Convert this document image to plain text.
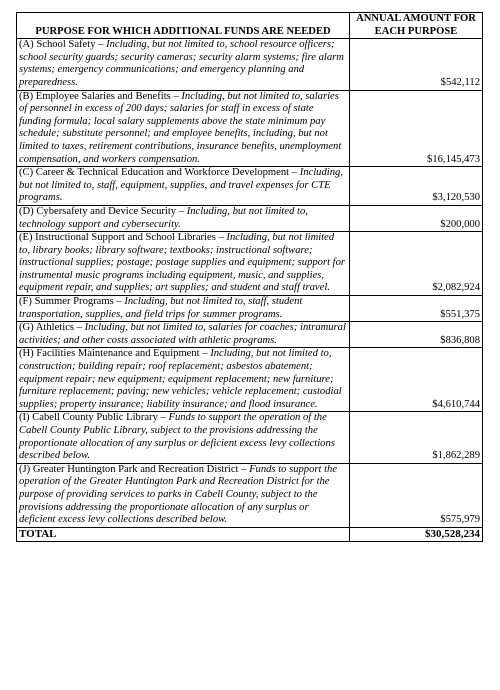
PURPOSE FOR WHICH ADDITIONAL FUNDS ARE NEEDED	ANNUAL AMOUNT FOR EACH PURPOSE
(A) School Safety – Including, but not limited to, school resource officers; school security guards; security cameras; security alarm systems; fire alarm systems; emergency communications; and emergency planning and preparedness.	$542,112
(B) Employee Salaries and Benefits – Including, but not limited to, salaries of personnel in excess of 200 days; salaries for staff in excess of state funding formula; local salary supplements above the state minimum pay schedule; substitute personnel; and employee benefits, including, but not limited to taxes, retirement contributions, insurance benefits, unemployment compensation, and workers compensation.	$16,145,473
(C) Career & Technical Education and Workforce Development – Including, but not limited to, staff, equipment, supplies, and travel expenses for CTE programs.	$3,120,530
(D) Cybersafety and Device Security – Including, but not limited to, technology support and cybersecurity.	$200,000
(E) Instructional Support and School Libraries – Including, but not limited to, library books; library software; textbooks; instructional software; instructional supplies; postage; postage supplies and equipment; support for instrumental music programs including equipment, music, and supplies, equipment repair, and supplies; art supplies; and student and staff travel.	$2,082,924
(F) Summer Programs – Including, but not limited to, staff, student transportation, supplies, and field trips for summer programs.	$551,375
(G) Athletics – Including, but not limited to, salaries for coaches; intramural activities; and other costs associated with athletic programs.	$836,808
(H) Facilities Maintenance and Equipment – Including, but not limited to, construction; building repair; roof replacement; asbestos abatement; equipment repair; new equipment; equipment replacement; new furniture; furniture replacement; paving; new vehicles; vehicle replacement; custodial supplies; property insurance; liability insurance; and flood insurance.	$4,610,744
(I) Cabell County Public Library – Funds to support the operation of the Cabell County Public Library, subject to the provisions addressing the proportionate allocation of any surplus or deficient excess levy collections described below.	$1,862,289
(J) Greater Huntington Park and Recreation District – Funds to support the operation of the Greater Huntington Park and Recreation District for the purpose of providing services to parks in Cabell County, subject to the provisions addressing the proportionate allocation of any surplus or deficient excess levy collections described below.	$575,979
TOTAL	$30,528,234
